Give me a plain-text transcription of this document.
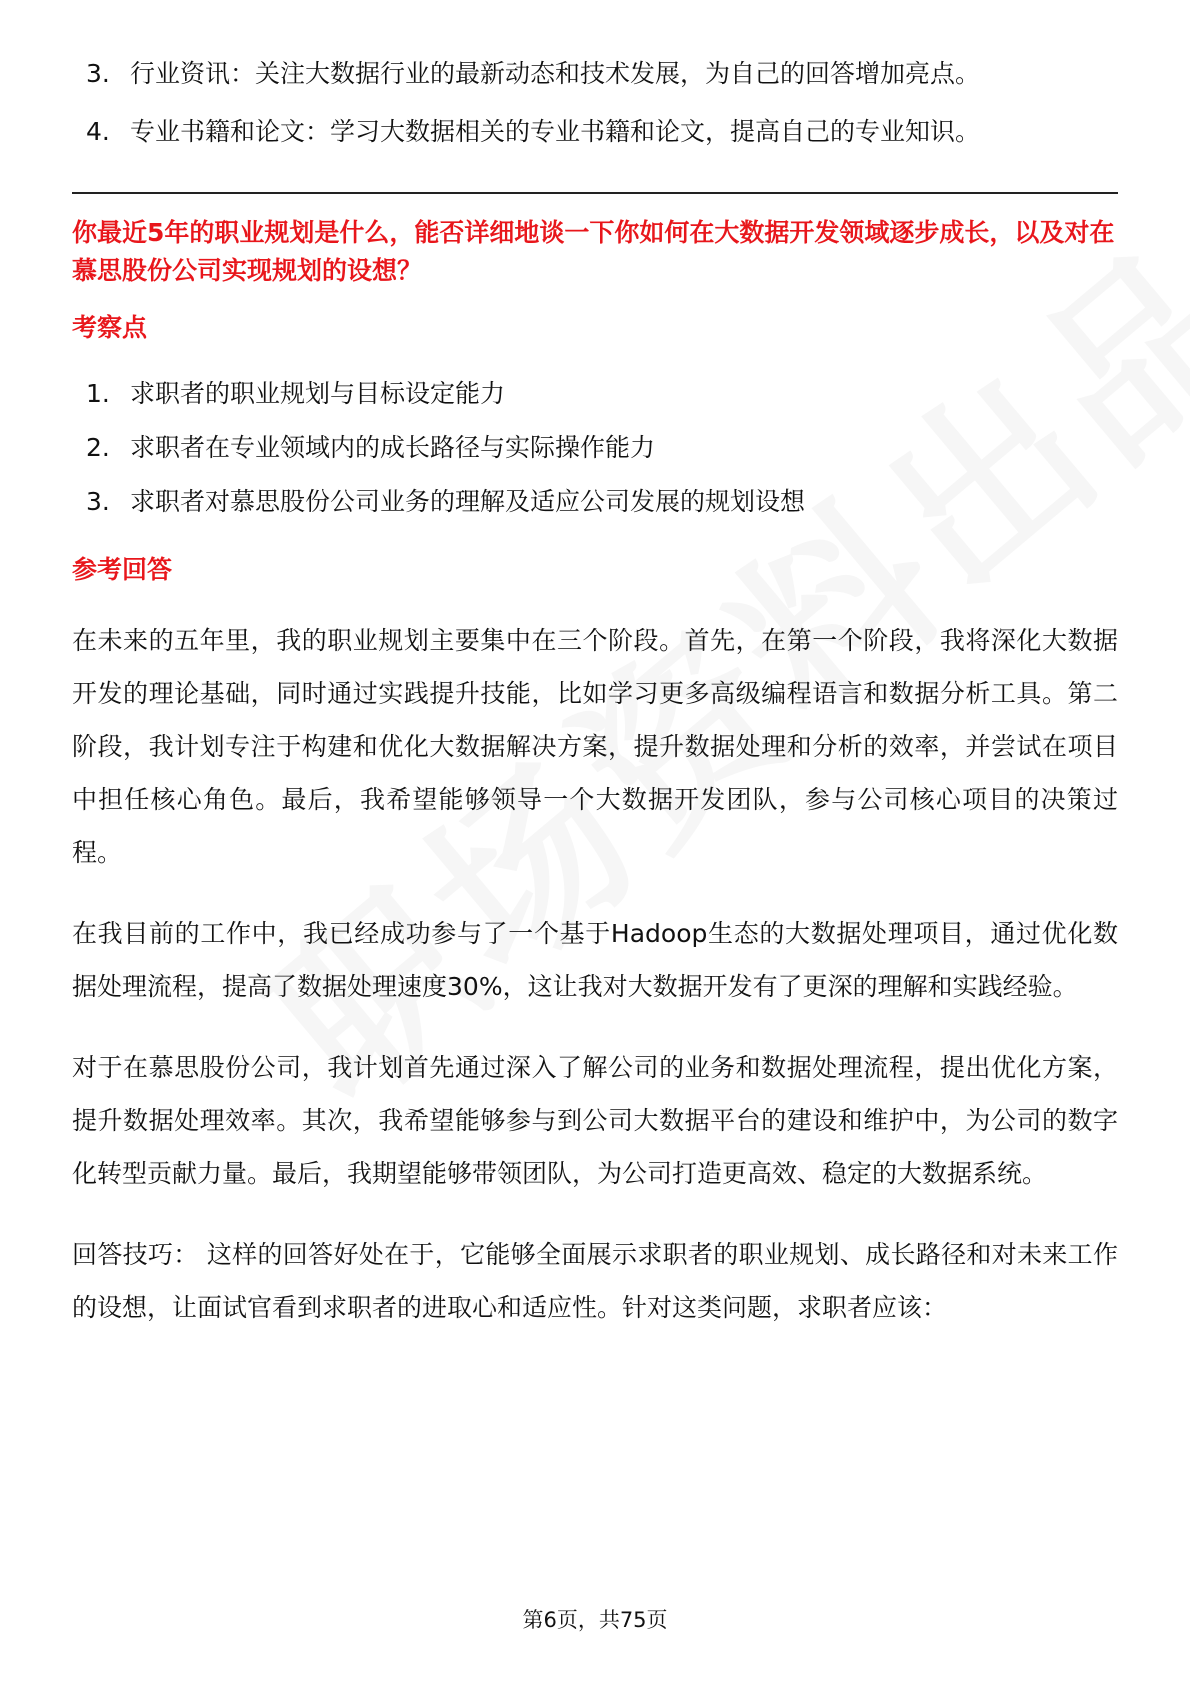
3. 行业资讯：关注大数据行业的最新动态和技术发展，为自己的回答增加亮点。
4. 专业书籍和论文：学习大数据相关的专业书籍和论文，提高自己的专业知识。

你最近5年的职业规划是什么，能否详细地谈一下你如何在大数据开发领域逐步成长，以及对在慕思股份公司实现规划的设想？

考察点

1. 求职者的职业规划与目标设定能力
2. 求职者在专业领域内的成长路径与实际操作能力
3. 求职者对慕思股份公司业务的理解及适应公司发展的规划设想

参考回答

在未来的五年里，我的职业规划主要集中在三个阶段。首先，在第一个阶段，我将深化大数据开发的理论基础，同时通过实践提升技能，比如学习更多高级编程语言和数据分析工具。第二阶段，我计划专注于构建和优化大数据解决方案，提升数据处理和分析的效率，并尝试在项目中担任核心角色。最后，我希望能够领导一个大数据开发团队，参与公司核心项目的决策过程。

在我目前的工作中，我已经成功参与了一个基于Hadoop生态的大数据处理项目，通过优化数据处理流程，提高了数据处理速度30%，这让我对大数据开发有了更深的理解和实践经验。

对于在慕思股份公司，我计划首先通过深入了解公司的业务和数据处理流程，提出优化方案，提升数据处理效率。其次，我希望能够参与到公司大数据平台的建设和维护中，为公司的数字化转型贡献力量。最后，我期望能够带领团队，为公司打造更高效、稳定的大数据系统。

回答技巧： 这样的回答好处在于，它能够全面展示求职者的职业规划、成长路径和对未来工作的设想，让面试官看到求职者的进取心和适应性。针对这类问题，求职者应该：

第6页，共75页
